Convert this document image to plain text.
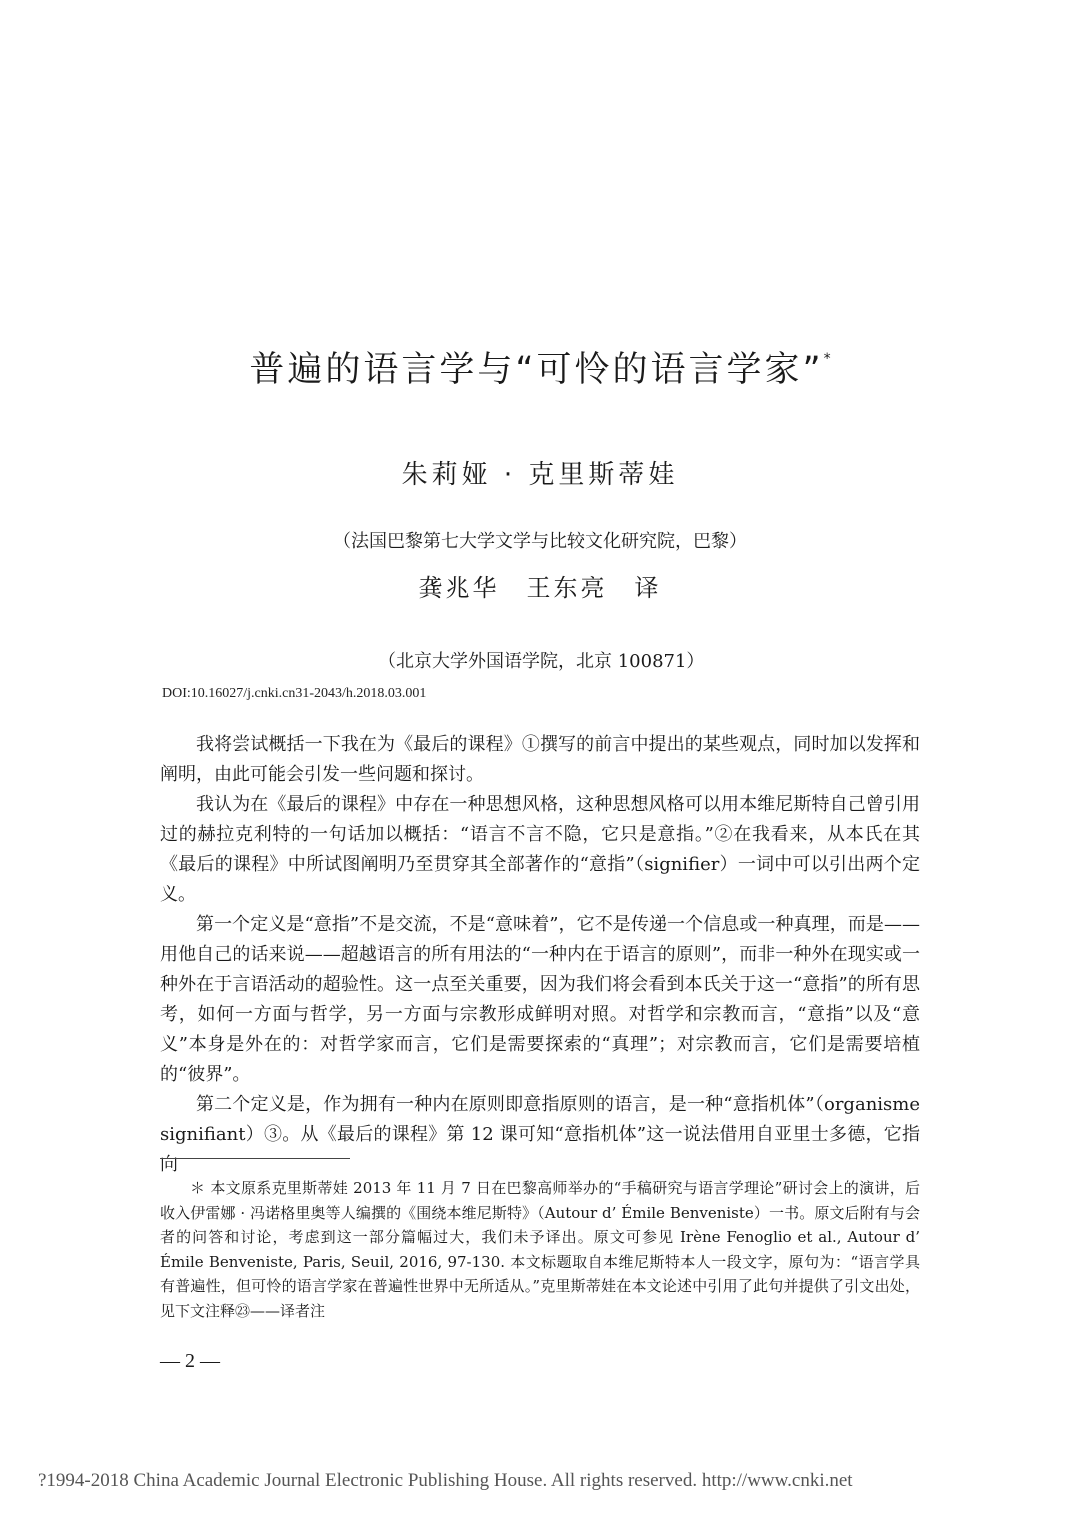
普遍的语言学与“可怜的语言学家”*
朱莉娅 · 克里斯蒂娃
（法国巴黎第七大学文学与比较文化研究院，巴黎）
龚兆华　王东亮　译
（北京大学外国语学院，北京 100871）
DOI:10.16027/j.cnki.cn31-2043/h.2018.03.001

我将尝试概括一下我在为《最后的课程》①撰写的前言中提出的某些观点，同时加以发挥和阐明，由此可能会引发一些问题和探讨。

我认为在《最后的课程》中存在一种思想风格，这种思想风格可以用本维尼斯特自己曾引用过的赫拉克利特的一句话加以概括：“语言不言不隐，它只是意指。”②在我看来，从本氏在其《最后的课程》中所试图阐明乃至贯穿其全部著作的“意指”（signifier）一词中可以引出两个定义。

第一个定义是“意指”不是交流，不是“意味着”，它不是传递一个信息或一种真理，而是——用他自己的话来说——超越语言的所有用法的“一种内在于语言的原则”，而非一种外在现实或一种外在于言语活动的超验性。这一点至关重要，因为我们将会看到本氏关于这一“意指”的所有思考，如何一方面与哲学，另一方面与宗教形成鲜明对照。对哲学和宗教而言，“意指”以及“意义”本身是外在的：对哲学家而言，它们是需要探索的“真理”；对宗教而言，它们是需要培植的“彼界”。

第二个定义是，作为拥有一种内在原则即意指原则的语言，是一种“意指机体”（organisme signifiant）③。从《最后的课程》第 12 课可知“意指机体”这一说法借用自亚里士多德，它指向

＊ 本文原系克里斯蒂娃 2013 年 11 月 7 日在巴黎高师举办的“手稿研究与语言学理论”研讨会上的演讲，后收入伊雷娜 · 冯诺格里奥等人编撰的《围绕本维尼斯特》（Autour d’ Émile Benveniste）一书。原文后附有与会者的问答和讨论，考虑到这一部分篇幅过大，我们未予译出。原文可参见 Irène Fenoglio et al., Autour d’ Émile Benveniste, Paris, Seuil, 2016, 97-130. 本文标题取自本维尼斯特本人一段文字，原句为：“语言学具有普遍性，但可怜的语言学家在普遍性世界中无所适从。”克里斯蒂娃在本文论述中引用了此句并提供了引文出处，见下文注释㉓——译者注

— 2 —
?1994-2018 China Academic Journal Electronic Publishing House. All rights reserved. http://www.cnki.net
